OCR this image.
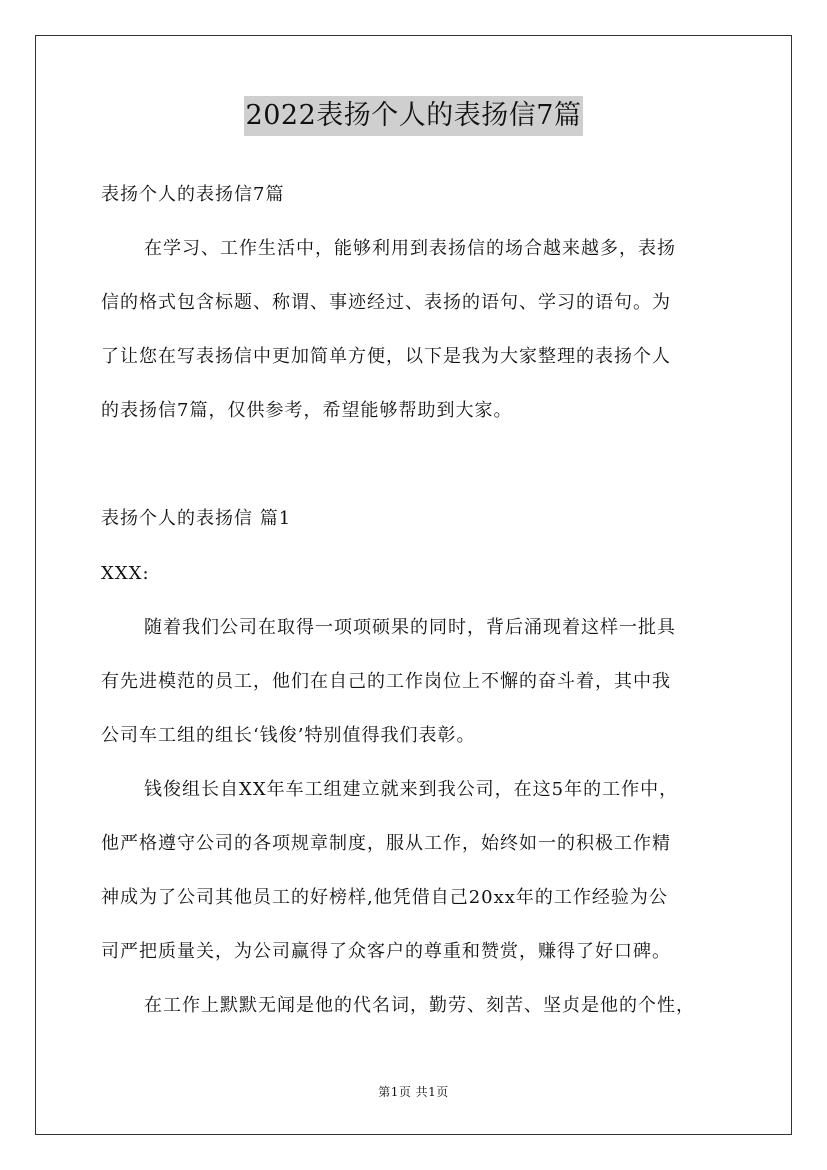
2022表扬个人的表扬信7篇
表扬个人的表扬信7篇
在学习、工作生活中，能够利用到表扬信的场合越来越多，表扬
信的格式包含标题、称谓、事迹经过、表扬的语句、学习的语句。为
了让您在写表扬信中更加简单方便，以下是我为大家整理的表扬个人
的表扬信7篇，仅供参考，希望能够帮助到大家。
表扬个人的表扬信 篇1
XXX:
随着我们公司在取得一项项硕果的同时，背后涌现着这样一批具
有先进模范的员工，他们在自己的工作岗位上不懈的奋斗着，其中我
公司车工组的组长‘钱俊’特别值得我们表彰。
钱俊组长自XX年车工组建立就来到我公司，在这5年的工作中，
他严格遵守公司的各项规章制度，服从工作，始终如一的积极工作精
神成为了公司其他员工的好榜样,他凭借自己20xx年的工作经验为公
司严把质量关，为公司赢得了众客户的尊重和赞赏，赚得了好口碑。
在工作上默默无闻是他的代名词，勤劳、刻苦、坚贞是他的个性，
第1页 共1页
